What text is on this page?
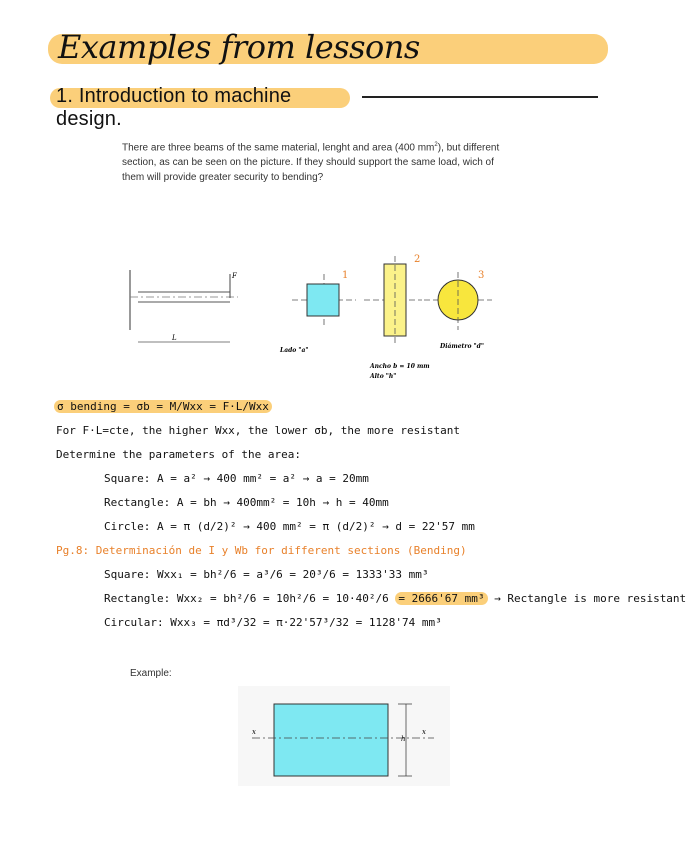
Examples from lessons
1. Introduction to machine design.
There are three beams of the same material, lenght and area (400 $mm^2$), but different section, as can be seen on the picture. If they should support the same load, wich of them will provide greater security to bending?
F
L
1
Lado "a"
2
Ancho b = 10 mm
Alto "h"
3
Diámetro "d"
σ bending = σb = M/Wxx = F·L/Wxx
For F·L=cte, the higher Wxx, the lower σb, the more resistant
Determine the parameters of the area:
Square: A = a² → 400 mm² = a² → a = 20mm
Rectangle: A = bh → 400mm² = 10h → h = 40mm
Circle: A = π (d/2)² → 400 mm² = π (d/2)² → d = 22'57 mm
Pg.8: Determinación de I y Wb for different sections (Bending)
Square: Wxx₁ = bh²/6 = a³/6 = 20³/6 = 1333'33 mm³
Rectangle: Wxx₂ = bh²/6 = 10h²/6 = 10·40²/6 = 2666'67 mm³ → Rectangle is more resistant
Circular: Wxx₃ = πd³/32 = π·22'57³/32 = 1128'74 mm³
Example:
x	x
h
